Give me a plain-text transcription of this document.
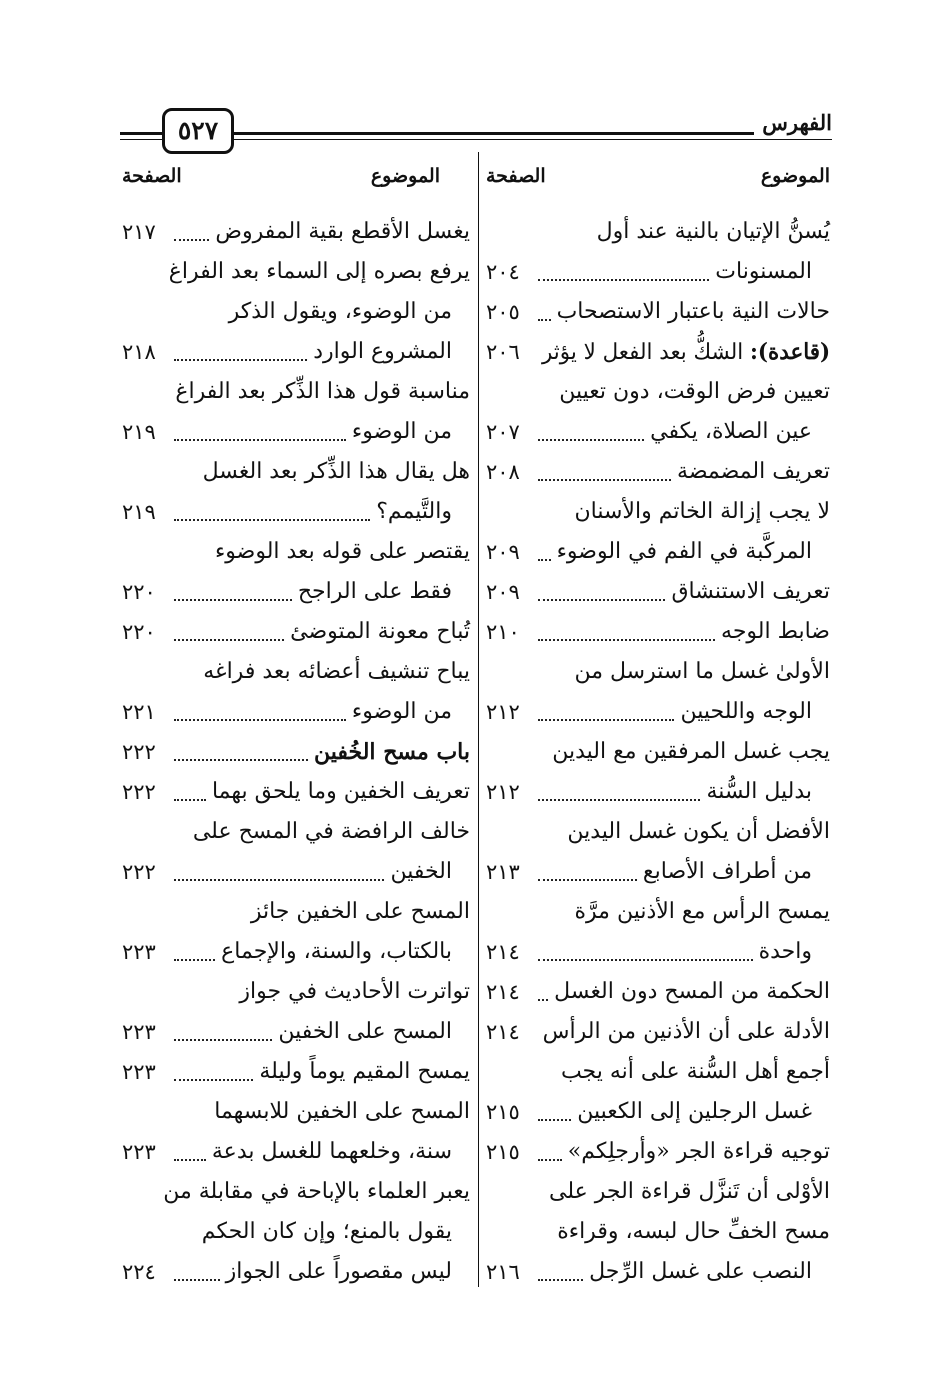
٥٢٧	الفهرس
الموضوع
الصفحة
الموضوع
الصفحة
يُسنُّ الإتيان بالنية عند أول
المسنونات
٢٠٤
حالات النية باعتبار الاستصحاب
٢٠٥
(قاعدة): الشكُّ بعد الفعل لا يؤثر
٢٠٦
تعيين فرض الوقت، دون تعيين
عين الصلاة، يكفي
٢٠٧
تعريف المضمضة
٢٠٨
لا يجب إزالة الخاتم والأسنان
المركَّبة في الفم في الوضوء
٢٠٩
تعريف الاستنشاق
٢٠٩
ضابط الوجه
٢١٠
الأولىٰ غسل ما استرسل من
الوجه واللحيين
٢١٢
يجب غسل المرفقين مع اليدين
بدليل السُّنة
٢١٢
الأفضل أن يكون غسل اليدين
من أطراف الأصابع
٢١٣
يمسح الرأس مع الأذنين مرَّة
واحدة
٢١٤
الحكمة من المسح دون الغسل
٢١٤
الأدلة على أن الأذنين من الرأس
٢١٤
أجمع أهل السُّنة على أنه يجب
غسل الرجلين إلى الكعبين
٢١٥
توجيه قراءة الجر «وأرجلِكم»
٢١٥
الأوْلى أن تَنزَّل قراءة الجر على
مسح الخفِّ حال لبسه، وقراءة
النصب على غسل الرِّجل
٢١٦
يغسل الأقطع بقية المفروض
٢١٧
يرفع بصره إلى السماء بعد الفراغ
من الوضوء، ويقول الذكر
المشروع الوارد
٢١٨
مناسبة قول هذا الذِّكر بعد الفراغ
من الوضوء
٢١٩
هل يقال هذا الذِّكر بعد الغسل
والتَّيمم؟
٢١٩
يقتصر على قوله بعد الوضوء
فقط على الراجح
٢٢٠
تُباح معونة المتوضئ
٢٢٠
يباح تنشيف أعضائه بعد فراغه
من الوضوء
٢٢١
باب مسح الخُفين
٢٢٢
تعريف الخفين وما يلحق بهما
٢٢٢
خالف الرافضة في المسح على
الخفين
٢٢٢
المسح على الخفين جائز
بالكتاب، والسنة، والإجماع
٢٢٣
تواترت الأحاديث في جواز
المسح على الخفين
٢٢٣
يمسح المقيم يوماً وليلة
٢٢٣
المسح على الخفين للابسهما
سنة، وخلعهما للغسل بدعة
٢٢٣
يعبر العلماء بالإباحة في مقابلة من
يقول بالمنع؛ وإن كان الحكم
ليس مقصوراً على الجواز
٢٢٤
